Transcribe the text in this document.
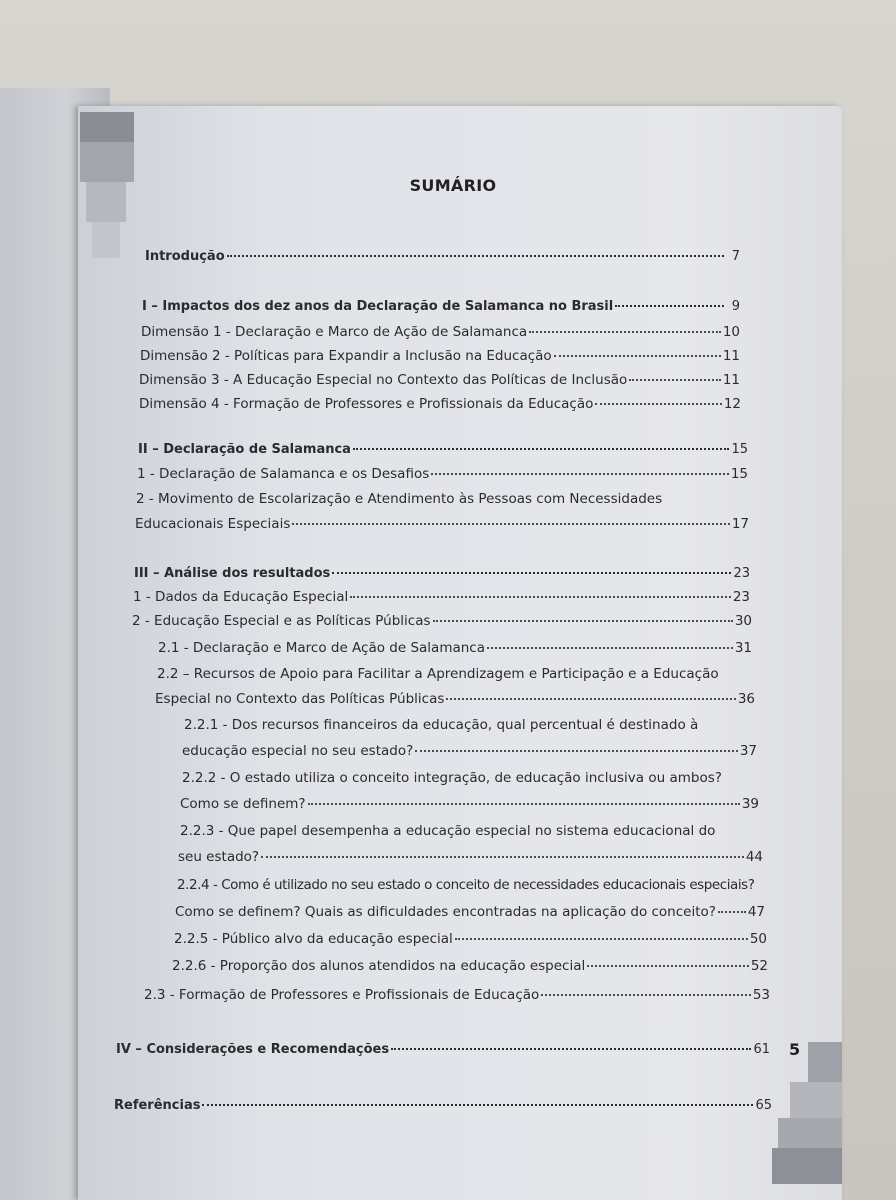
SUMÁRIO
Introdução	7
I – Impactos dos dez anos da Declaração de Salamanca no Brasil	9
Dimensão 1 - Declaração e Marco de Ação de Salamanca	10
Dimensão 2 - Políticas para Expandir a Inclusão na Educação	11
Dimensão 3 - A Educação Especial no Contexto das Políticas de Inclusão	11
Dimensão 4 - Formação de Professores e Profissionais da Educação	12
II – Declaração de Salamanca	15
1 - Declaração de Salamanca e os Desafios	15
2 - Movimento de Escolarização e Atendimento às Pessoas com Necessidades
Educacionais Especiais	17
III – Análise dos resultados	23
1 - Dados da Educação Especial	23
2 - Educação Especial e as Políticas Públicas	30
2.1 - Declaração e Marco de Ação de Salamanca	31
2.2 – Recursos de Apoio para Facilitar a Aprendizagem e Participação e a Educação
Especial no Contexto das Políticas Públicas	36
2.2.1 - Dos recursos financeiros da educação, qual percentual é destinado à
educação especial no seu estado?	37
2.2.2 - O estado utiliza o conceito integração, de educação inclusiva ou ambos?
Como se definem?	39
2.2.3 - Que papel desempenha a educação especial no sistema educacional do
seu estado?	44
2.2.4 - Como é utilizado no seu estado o conceito de necessidades educacionais especiais?
Como se definem? Quais as dificuldades encontradas na aplicação do conceito? 47
2.2.5 - Público alvo da educação especial	50
2.2.6 - Proporção dos alunos atendidos na educação especial	52
2.3 - Formação de Professores e Profissionais de Educação	53
IV – Considerações e Recomendações	61
Referências	65
5
